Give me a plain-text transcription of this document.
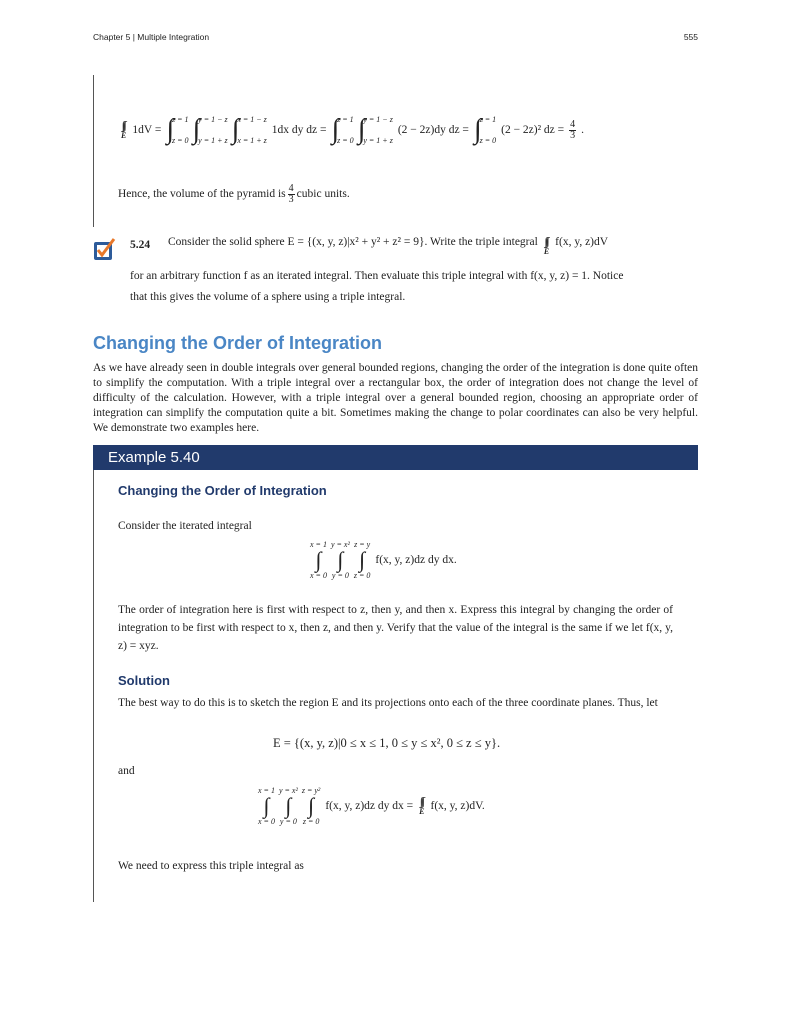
Chapter 5 | Multiple Integration	555
E 1dV = ∫
z = 1
z = 0 ∫
y = 1 − z
y = 1 + z ∫
x = 1 − z
x = 1 + z
1dx dy dz = ∫
z = 1
z = 0 ∫
y = 1 − z
y = 1 + z
(2 − 2z)dy dz = ∫
z = 1
z = 0
(2 − 2z)² dz = $\frac{4}{3}$ .
Hence, the volume of the pyramid is $\frac{4}{3}$ cubic units.
5.24 Consider the solid sphere E = {(x, y, z)|x² + y² + z² = 9}. Write the triple integral
E
f(x, y, z)dV
for an arbitrary function f as an iterated integral. Then evaluate this triple integral with f(x, y, z) = 1. Notice
that this gives the volume of a sphere using a triple integral.
Changing the Order of Integration
As we have already seen in double integrals over general bounded regions, changing the order of the integration is done quite often to simplify the computation. With a triple integral over a rectangular box, the order of integration does not change the level of difficulty of the calculation. However, with a triple integral over a general bounded region, choosing an appropriate order of integration can simplify the computation quite a bit. Sometimes making the change to polar coordinates can also be very helpful. We demonstrate two examples here.
Example 5.40
Changing the Order of Integration
Consider the iterated integral
x = 1
∫
x = 0
y = x²
∫
y = 0
z = y
∫
z = 0
f(x, y, z)dz dy dx.
The order of integration here is first with respect to z, then y, and then x. Express this integral by changing the order of integration to be first with respect to x, then z, and then y. Verify that the value of the integral is the same if we let f(x, y, z) = xyz.
Solution
The best way to do this is to sketch the region E and its projections onto each of the three coordinate planes. Thus, let
E = {(x, y, z)|0 ≤ x ≤ 1, 0 ≤ y ≤ x², 0 ≤ z ≤ y}.
and
x = 1
∫
x = 0
y = x²
∫
y = 0
z = y²
∫
z = 0
f(x, y, z)dz dy dx = E f(x, y, z)dV.
We need to express this triple integral as
